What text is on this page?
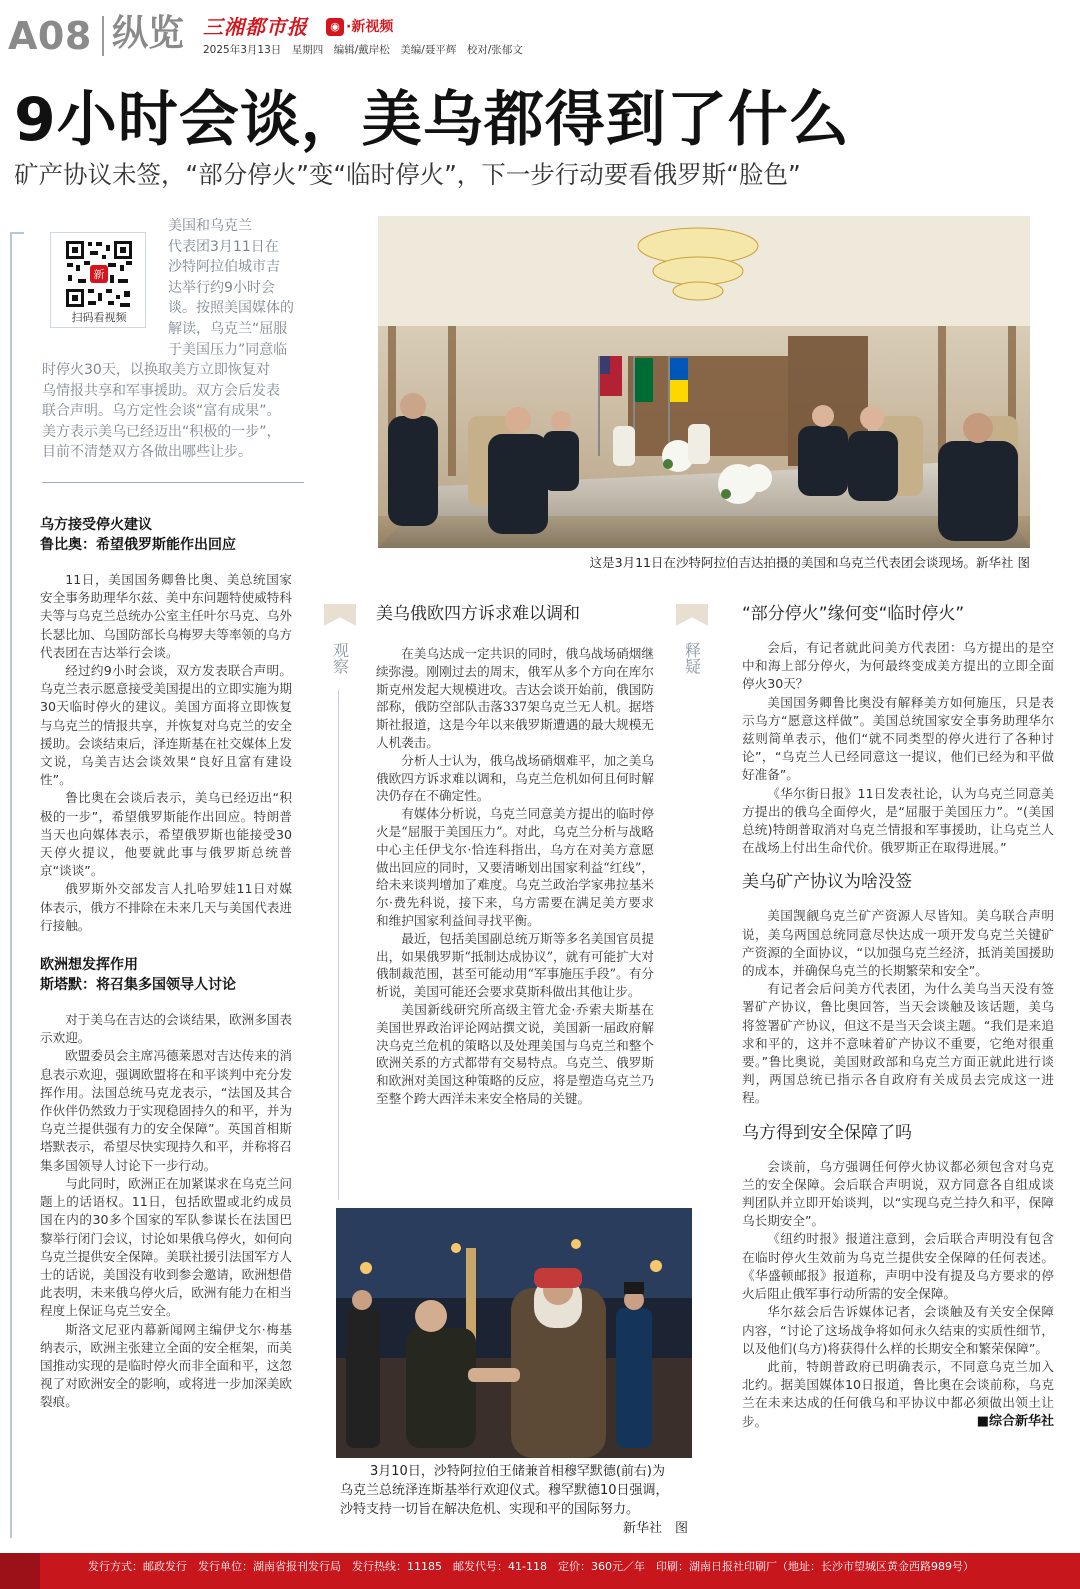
A08 纵览 三湘都市报	◉ ·新视频
2025年3月13日　星期四　编辑/戴岸松　美编/聂平辉　校对/张郁文
9小时会谈，美乌都得到了什么
矿产协议未签，“部分停火”变“临时停火”，下一步行动要看俄罗斯“脸色”
新
扫码看视频
美国和乌克兰
代表团3月11日在
沙特阿拉伯城市吉
达举行约9小时会
谈。按照美国媒体的
解读，乌克兰“屈服
于美国压力”同意临
时停火30天，以换取美方立即恢复对
乌情报共享和军事援助。双方会后发表
联合声明。乌方定性会谈“富有成果”。
美方表示美乌已经迈出“积极的一步”，
目前不清楚双方各做出哪些让步。
这是3月11日在沙特阿拉伯吉达拍摄的美国和乌克兰代表团会谈现场。新华社 图
乌方接受停火建议
鲁比奥：希望俄罗斯能作出回应

11日，美国国务卿鲁比奥、美总统国家安全事务助理华尔兹、美中东问题特使威特科夫等与乌克兰总统办公室主任叶尔马克、乌外长瑟比加、乌国防部长乌梅罗夫等率领的乌方代表团在吉达举行会谈。

经过约9小时会谈，双方发表联合声明。乌克兰表示愿意接受美国提出的立即实施为期30天临时停火的建议。美国方面将立即恢复与乌克兰的情报共享，并恢复对乌克兰的安全援助。会谈结束后，泽连斯基在社交媒体上发文说，乌美吉达会谈效果“良好且富有建设性”。

鲁比奥在会谈后表示，美乌已经迈出“积极的一步”，希望俄罗斯能作出回应。特朗普当天也向媒体表示，希望俄罗斯也能接受30天停火提议，他要就此事与俄罗斯总统普京“谈谈”。

俄罗斯外交部发言人扎哈罗娃11日对媒体表示，俄方不排除在未来几天与美国代表进行接触。

欧洲想发挥作用
斯塔默：将召集多国领导人讨论

对于美乌在吉达的会谈结果，欧洲多国表示欢迎。

欧盟委员会主席冯德莱恩对吉达传来的消息表示欢迎，强调欧盟将在和平谈判中充分发挥作用。法国总统马克龙表示，“法国及其合作伙伴仍然致力于实现稳固持久的和平，并为乌克兰提供强有力的安全保障”。英国首相斯塔默表示，希望尽快实现持久和平，并称将召集多国领导人讨论下一步行动。

与此同时，欧洲正在加紧谋求在乌克兰问题上的话语权。11日，包括欧盟或北约成员国在内的30多个国家的军队参谋长在法国巴黎举行闭门会议，讨论如果俄乌停火，如何向乌克兰提供安全保障。美联社援引法国军方人士的话说，美国没有收到参会邀请，欧洲想借此表明，未来俄乌停火后，欧洲有能力在相当程度上保证乌克兰安全。

斯洛文尼亚内幕新闻网主编伊戈尔·梅基纳表示，欧洲主张建立全面的安全框架，而美国推动实现的是临时停火而非全面和平，这忽视了对欧洲安全的影响，或将进一步加深美欧裂痕。

观察
美乌俄欧四方诉求难以调和

在美乌达成一定共识的同时，俄乌战场硝烟继续弥漫。刚刚过去的周末，俄军从多个方向在库尔斯克州发起大规模进攻。吉达会谈开始前，俄国防部称，俄防空部队击落337架乌克兰无人机。据塔斯社报道，这是今年以来俄罗斯遭遇的最大规模无人机袭击。

分析人士认为，俄乌战场硝烟难平，加之美乌俄欧四方诉求难以调和，乌克兰危机如何且何时解决仍存在不确定性。

有媒体分析说，乌克兰同意美方提出的临时停火是“屈服于美国压力”。对此，乌克兰分析与战略中心主任伊戈尔·恰连科指出，乌方在对美方意愿做出回应的同时，又要清晰划出国家利益“红线”，给未来谈判增加了难度。乌克兰政治学家弗拉基米尔·费先科说，接下来，乌方需要在满足美方要求和维护国家利益间寻找平衡。

最近，包括美国副总统万斯等多名美国官员提出，如果俄罗斯“抵制达成协议”，就有可能扩大对俄制裁范围，甚至可能动用“军事施压手段”。有分析说，美国可能还会要求莫斯科做出其他让步。

美国新线研究所高级主管尤金·乔索夫斯基在美国世界政治评论网站撰文说，美国新一届政府解决乌克兰危机的策略以及处理美国与乌克兰和整个欧洲关系的方式都带有交易特点。乌克兰、俄罗斯和欧洲对美国这种策略的反应，将是塑造乌克兰乃至整个跨大西洋未来安全格局的关键。

3月10日，沙特阿拉伯王储兼首相穆罕默德(前右)为
乌克兰总统泽连斯基举行欢迎仪式。穆罕默德10日强调，
沙特支持一切旨在解决危机、实现和平的国际努力。
新华社　图
释疑
“部分停火”缘何变“临时停火”

会后，有记者就此问美方代表团：乌方提出的是空中和海上部分停火，为何最终变成美方提出的立即全面停火30天？

美国国务卿鲁比奥没有解释美方如何施压，只是表示乌方“愿意这样做”。美国总统国家安全事务助理华尔兹则简单表示，他们“就不同类型的停火进行了各种讨论”，“乌克兰人已经同意这一提议，他们已经为和平做好准备”。

《华尔街日报》11日发表社论，认为乌克兰同意美方提出的俄乌全面停火，是“屈服于美国压力”。“(美国总统)特朗普取消对乌克兰情报和军事援助，让乌克兰人在战场上付出生命代价。俄罗斯正在取得进展。”

美乌矿产协议为啥没签

美国觊觎乌克兰矿产资源人尽皆知。美乌联合声明说，美乌两国总统同意尽快达成一项开发乌克兰关键矿产资源的全面协议，“以加强乌克兰经济，抵消美国援助的成本，并确保乌克兰的长期繁荣和安全”。

有记者会后问美方代表团，为什么美乌当天没有签署矿产协议，鲁比奥回答，当天会谈触及该话题，美乌将签署矿产协议，但这不是当天会谈主题。“我们是来追求和平的，这并不意味着矿产协议不重要，它绝对很重要。”鲁比奥说，美国财政部和乌克兰方面正就此进行谈判，两国总统已指示各自政府有关成员去完成这一进程。

乌方得到安全保障了吗

会谈前，乌方强调任何停火协议都必须包含对乌克兰的安全保障。会后联合声明说，双方同意各自组成谈判团队并立即开始谈判，以“实现乌克兰持久和平，保障乌长期安全”。

《纽约时报》报道注意到，会后联合声明没有包含在临时停火生效前为乌克兰提供安全保障的任何表述。《华盛顿邮报》报道称，声明中没有提及乌方要求的停火后阻止俄军事行动所需的安全保障。

华尔兹会后告诉媒体记者，会谈触及有关安全保障内容，“讨论了这场战争将如何永久结束的实质性细节，以及他们(乌方)将获得什么样的长期安全和繁荣保障”。

此前，特朗普政府已明确表示，不同意乌克兰加入北约。据美国媒体10日报道，鲁比奥在会谈前称，乌克兰在未来达成的任何俄乌和平协议中都必须做出领土让步。	■综合新华社
发行方式：邮政发行　发行单位：湖南省报刊发行局　发行热线：11185　邮发代号：41-118　定价：360元／年　印刷：湖南日报社印刷厂（地址：长沙市望城区黄金西路989号）
